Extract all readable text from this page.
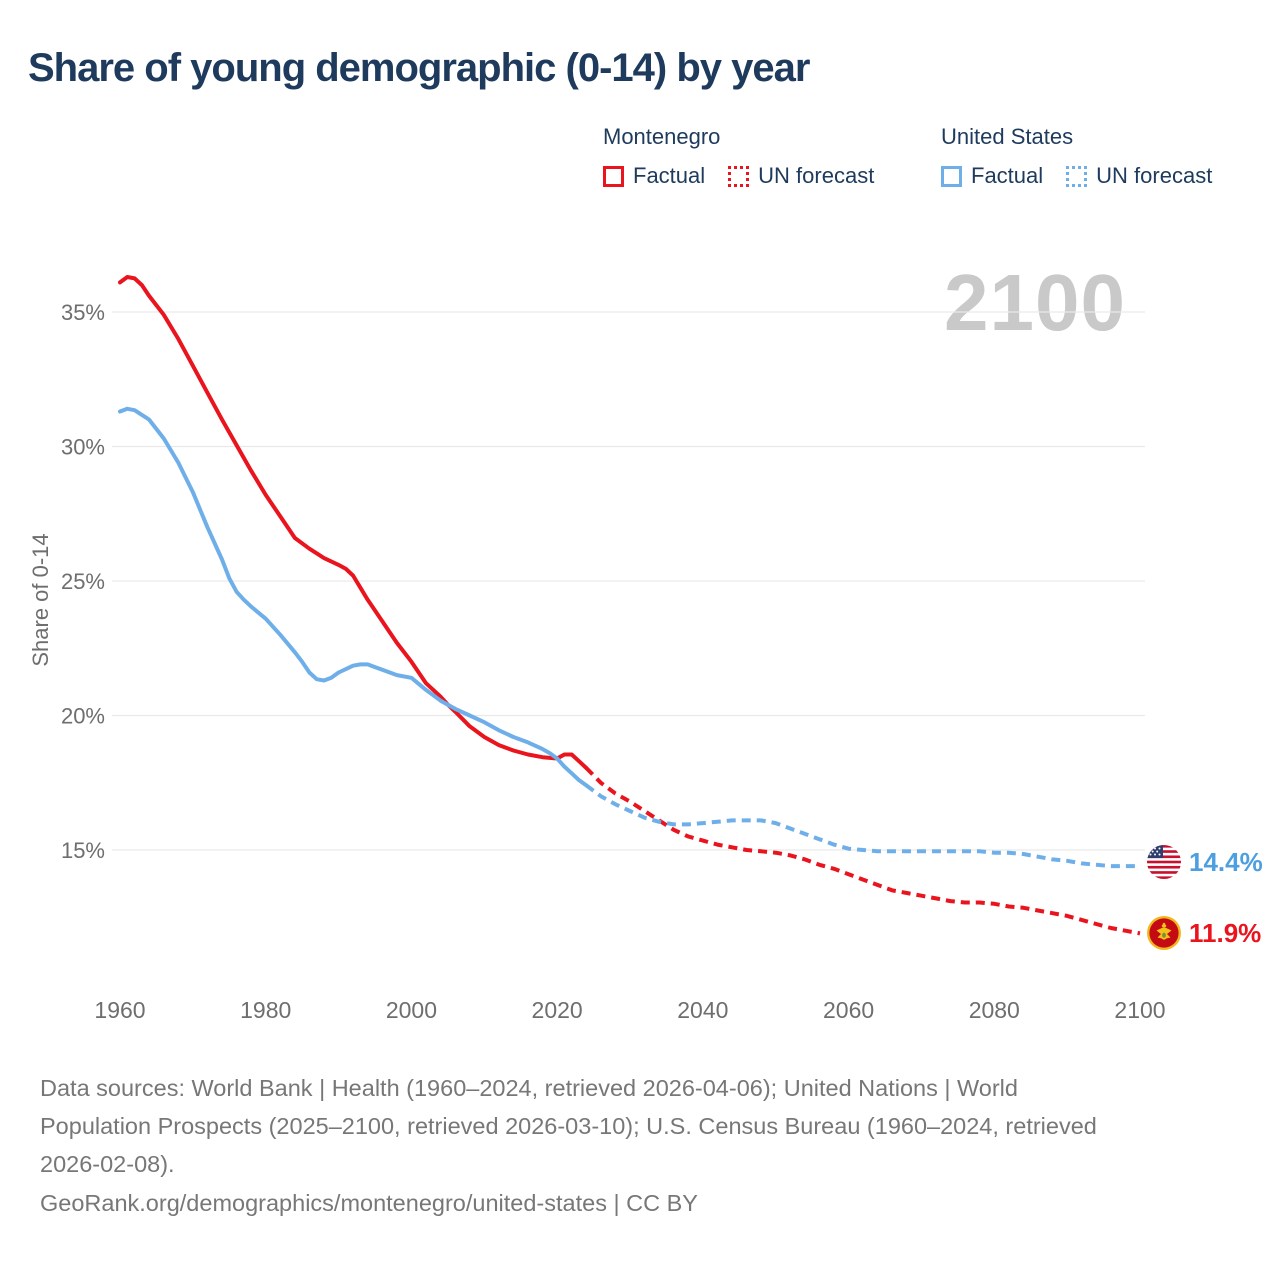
Share of young demographic (0-14) by year
Montenegro
Factual UN forecast
United States
Factual UN forecast
2100
35%
30%
25%
20%
15%
1960	1980	2000	2020	2040	2060	2080	2100
Share of 0-14
14.4%
11.9%
Data sources: World Bank | Health (1960–2024, retrieved 2026-04-06); United Nations | World
Population Prospects (2025–2100, retrieved 2026-03-10); U.S. Census Bureau (1960–2024, retrieved
2026-02-08).
GeoRank.org/demographics/montenegro/united-states | CC BY
